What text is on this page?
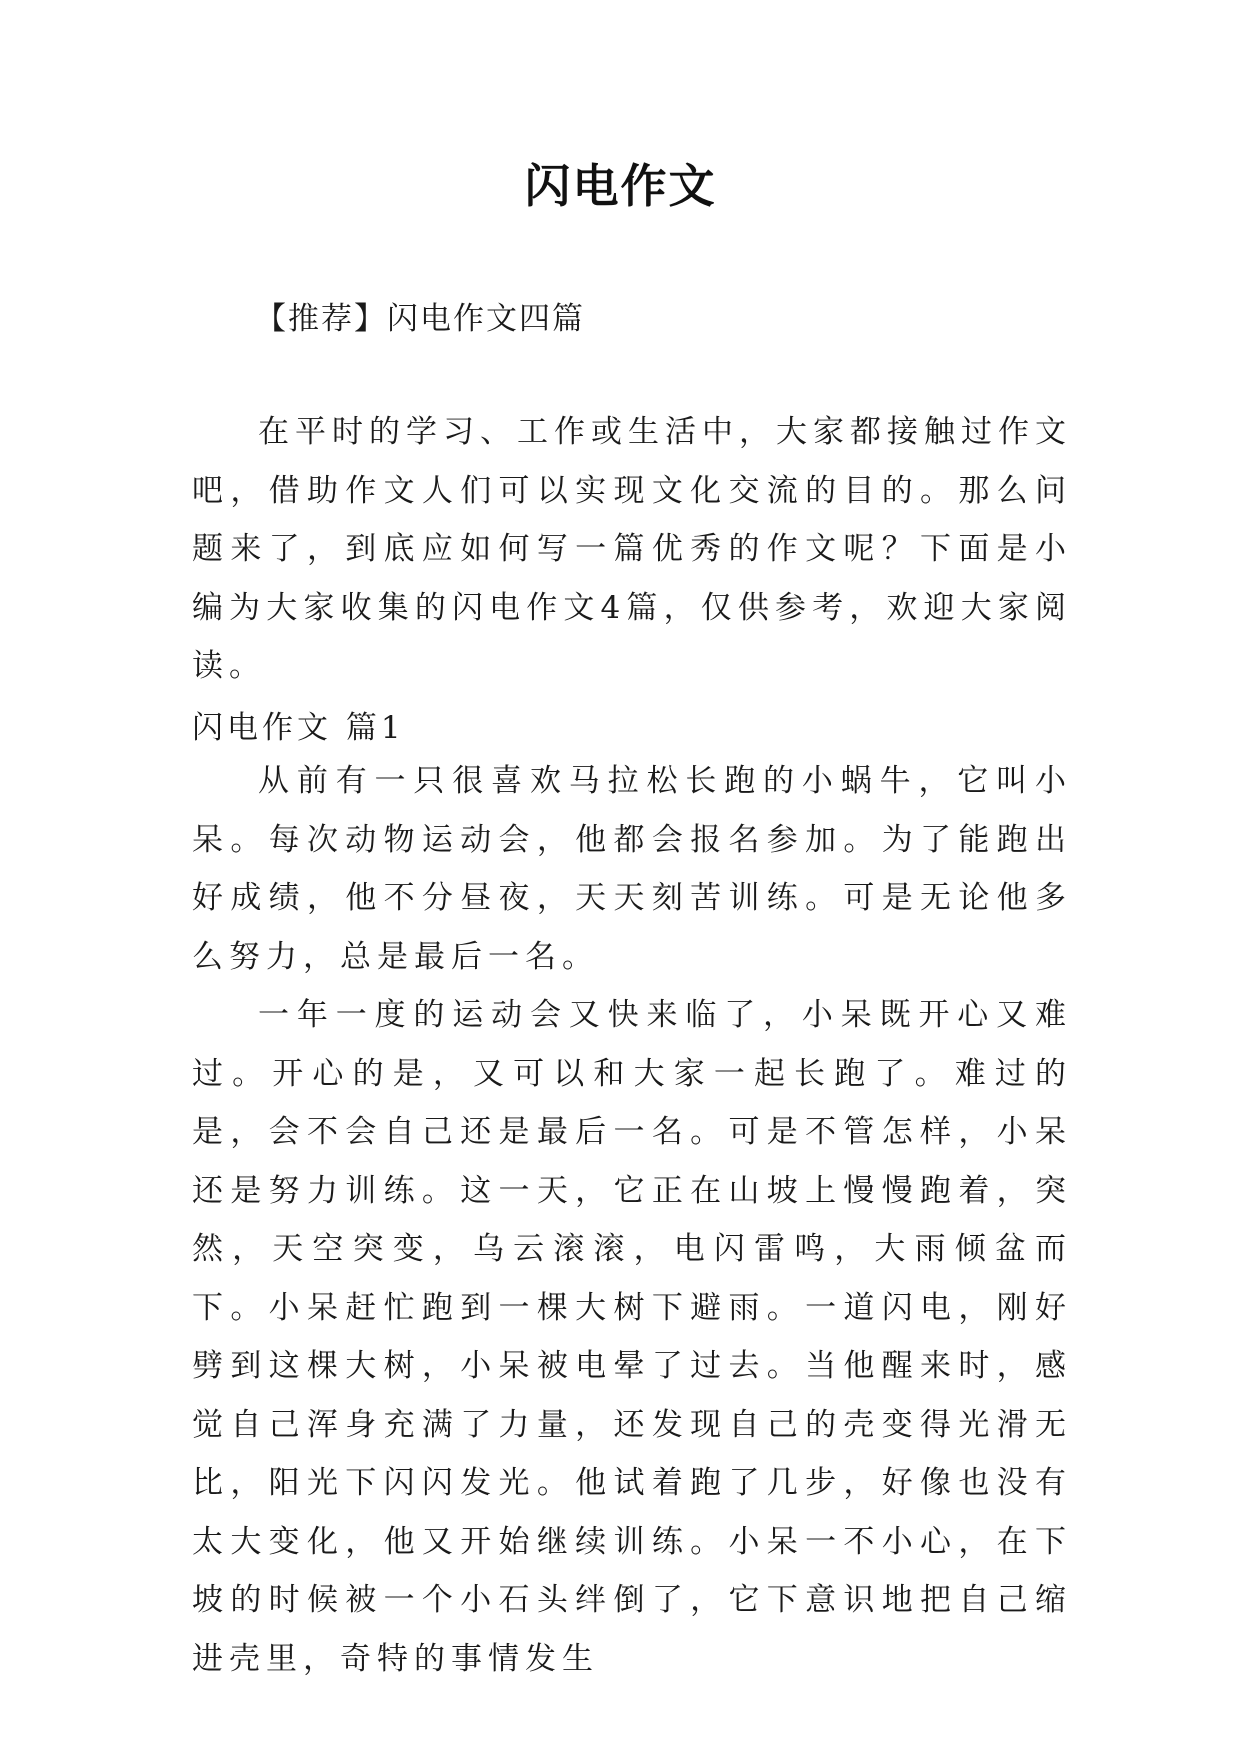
闪电作文
【推荐】闪电作文四篇

在平时的学习、工作或生活中，大家都接触过作文吧，借助作文人们可以实现文化交流的目的。那么问题来了，到底应如何写一篇优秀的作文呢？下面是小编为大家收集的闪电作文4篇，仅供参考，欢迎大家阅读。

闪电作文 篇1

从前有一只很喜欢马拉松长跑的小蜗牛，它叫小呆。每次动物运动会，他都会报名参加。为了能跑出好成绩，他不分昼夜，天天刻苦训练。可是无论他多么努力，总是最后一名。

一年一度的运动会又快来临了，小呆既开心又难过。开心的是，又可以和大家一起长跑了。难过的是，会不会自己还是最后一名。可是不管怎样，小呆还是努力训练。这一天，它正在山坡上慢慢跑着，突然，天空突变，乌云滚滚，电闪雷鸣，大雨倾盆而下。小呆赶忙跑到一棵大树下避雨。一道闪电，刚好劈到这棵大树，小呆被电晕了过去。当他醒来时，感觉自己浑身充满了力量，还发现自己的壳变得光滑无比，阳光下闪闪发光。他试着跑了几步，好像也没有太大变化，他又开始继续训练。小呆一不小心，在下坡的时候被一个小石头绊倒了，它下意识地把自己缩进壳里，奇特的事情发生
